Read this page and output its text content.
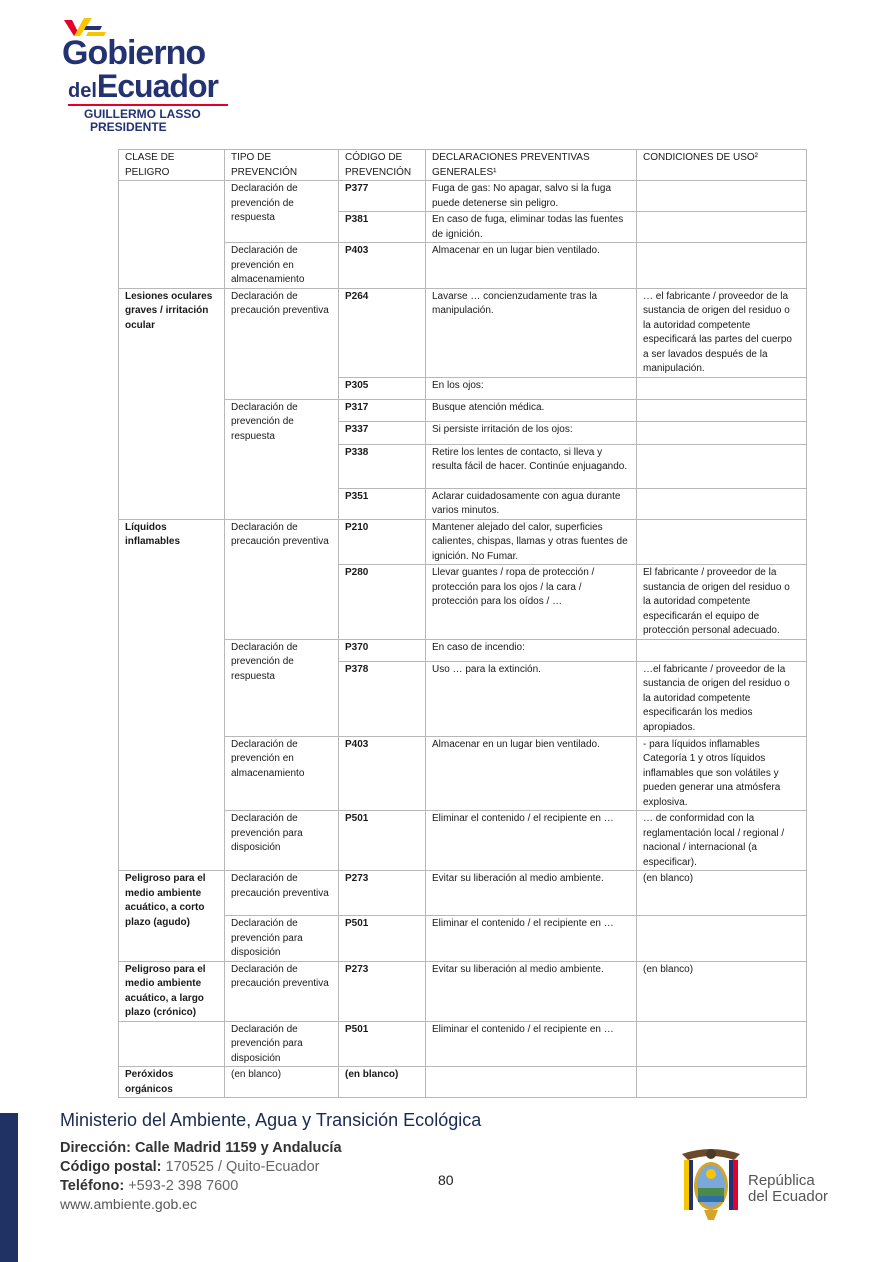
Gobierno
delEcuador
GUILLERMO LASSO
PRESIDENTE
CLASE DE PELIGRO	TIPO DE PREVENCIÓN	CÓDIGO DE PREVENCIÓN	DECLARACIONES PREVENTIVAS GENERALES¹	CONDICIONES DE USO²
	Declaración de prevención de respuesta	P377	Fuga de gas: No apagar, salvo si la fuga puede detenerse sin peligro.	
		P381	En caso de fuga, eliminar todas las fuentes de ignición.	
	Declaración de prevención en almacenamiento	P403	Almacenar en un lugar bien ventilado.	
Lesiones oculares graves / irritación ocular	Declaración de precaución preventiva	P264	Lavarse … concienzudamente tras la manipulación.	… el fabricante / proveedor de la sustancia de origen del residuo o la autoridad competente especificará las partes del cuerpo a ser lavados después de la manipulación.
		P305	En los ojos:	
	Declaración de prevención de respuesta	P317	Busque atención médica.	
		P337	Si persiste irritación de los ojos:	
		P338	Retire los lentes de contacto, si lleva y resulta fácil de hacer. Continúe enjuagando.	
		P351	Aclarar cuidadosamente con agua durante varios minutos.	
Líquidos inflamables	Declaración de precaución preventiva	P210	Mantener alejado del calor, superficies calientes, chispas, llamas y otras fuentes de ignición. No Fumar.	
		P280	Llevar guantes / ropa de protección / protección para los ojos / la cara / protección para los oídos / …	El fabricante / proveedor de la sustancia de origen del residuo o la autoridad competente especificarán el equipo de protección personal adecuado.
	Declaración de prevención de respuesta	P370	En caso de incendio:	
		P378	Uso … para la extinción.	…el fabricante / proveedor de la sustancia de origen del residuo o la autoridad competente especificarán los medios apropiados.
	Declaración de prevención en almacenamiento	P403	Almacenar en un lugar bien ventilado.	- para líquidos inflamables Categoría 1 y otros líquidos inflamables que son volátiles y pueden generar una atmósfera explosiva.
	Declaración de prevención para disposición	P501	Eliminar el contenido / el recipiente en …	… de conformidad con la reglamentación local / regional / nacional / internacional (a especificar).
Peligroso para el medio ambiente acuático, a corto plazo (agudo)	Declaración de precaución preventiva	P273	Evitar su liberación al medio ambiente.	(en blanco)
	Declaración de prevención para disposición	P501	Eliminar el contenido / el recipiente en …	
Peligroso para el medio ambiente acuático, a largo plazo (crónico)	Declaración de precaución preventiva	P273	Evitar su liberación al medio ambiente.	(en blanco)
	Declaración de prevención para disposición	P501	Eliminar el contenido / el recipiente en …	
Peróxidos orgánicos	(en blanco)	(en blanco)		
Ministerio del Ambiente, Agua y Transición Ecológica
Dirección: Calle Madrid 1159 y Andalucía
Código postal: 170525 / Quito-Ecuador
Teléfono: +593-2 398 7600
www.ambiente.gob.ec
80	República
del Ecuador
